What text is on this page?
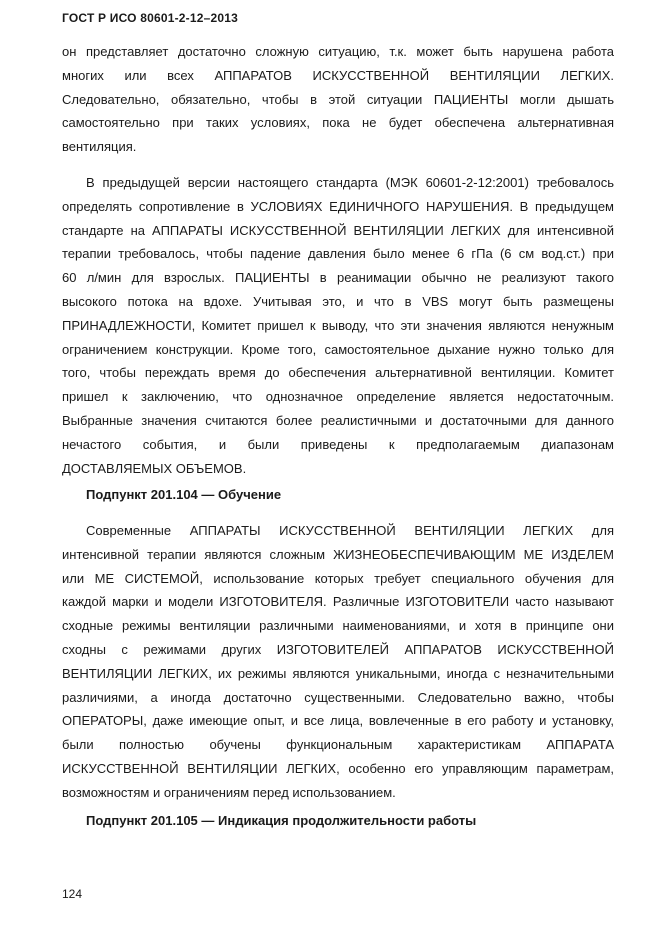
ГОСТ Р ИСО 80601-2-12–2013
он представляет достаточно сложную ситуацию, т.к. может быть нарушена работа
многих или всех АППАРАТОВ ИСКУССТВЕННОЙ ВЕНТИЛЯЦИИ ЛЕГКИХ.
Следовательно, обязательно, чтобы в этой ситуации ПАЦИЕНТЫ могли дышать
самостоятельно при таких условиях, пока не будет обеспечена альтернативная
вентиляция.
В предыдущей версии настоящего стандарта (МЭК 60601-2-12:2001) требовалось
определять сопротивление в УСЛОВИЯХ ЕДИНИЧНОГО НАРУШЕНИЯ. В предыдущем
стандарте на АППАРАТЫ ИСКУССТВЕННОЙ ВЕНТИЛЯЦИИ ЛЕГКИХ для интенсивной
терапии требовалось, чтобы падение давления было менее 6 гПа (6 см вод.ст.) при
60 л/мин для взрослых. ПАЦИЕНТЫ в реанимации обычно не реализуют такого
высокого потока на вдохе. Учитывая это, и что в VBS могут быть размещены
ПРИНАДЛЕЖНОСТИ, Комитет пришел к выводу, что эти значения являются ненужным
ограничением конструкции. Кроме того, самостоятельное дыхание нужно только для
того, чтобы переждать время до обеспечения альтернативной вентиляции. Комитет
пришел к заключению, что однозначное определение является недостаточным.
Выбранные значения считаются более реалистичными и достаточными для данного
нечастого события, и были приведены к предполагаемым диапазонам
ДОСТАВЛЯЕМЫХ ОБЪЕМОВ.
Подпункт 201.104 — Обучение
Современные АППАРАТЫ ИСКУССТВЕННОЙ ВЕНТИЛЯЦИИ ЛЕГКИХ для
интенсивной терапии являются сложным ЖИЗНЕОБЕСПЕЧИВАЮЩИМ МЕ ИЗДЕЛЕМ
или МЕ СИСТЕМОЙ, использование которых требует специального обучения для
каждой марки и модели ИЗГОТОВИТЕЛЯ. Различные ИЗГОТОВИТЕЛИ часто называют
сходные режимы вентиляции различными наименованиями, и хотя в принципе они
сходны с режимами других ИЗГОТОВИТЕЛЕЙ АППАРАТОВ ИСКУССТВЕННОЙ
ВЕНТИЛЯЦИИ ЛЕГКИХ, их режимы являются уникальными, иногда с незначительными
различиями, а иногда достаточно существенными. Следовательно важно, чтобы
ОПЕРАТОРЫ, даже имеющие опыт, и все лица, вовлеченные в его работу и установку,
были полностью обучены функциональным характеристикам АППАРАТА
ИСКУССТВЕННОЙ ВЕНТИЛЯЦИИ ЛЕГКИХ, особенно его управляющим параметрам,
возможностям и ограничениям перед использованием.
Подпункт 201.105 — Индикация продолжительности работы
124
